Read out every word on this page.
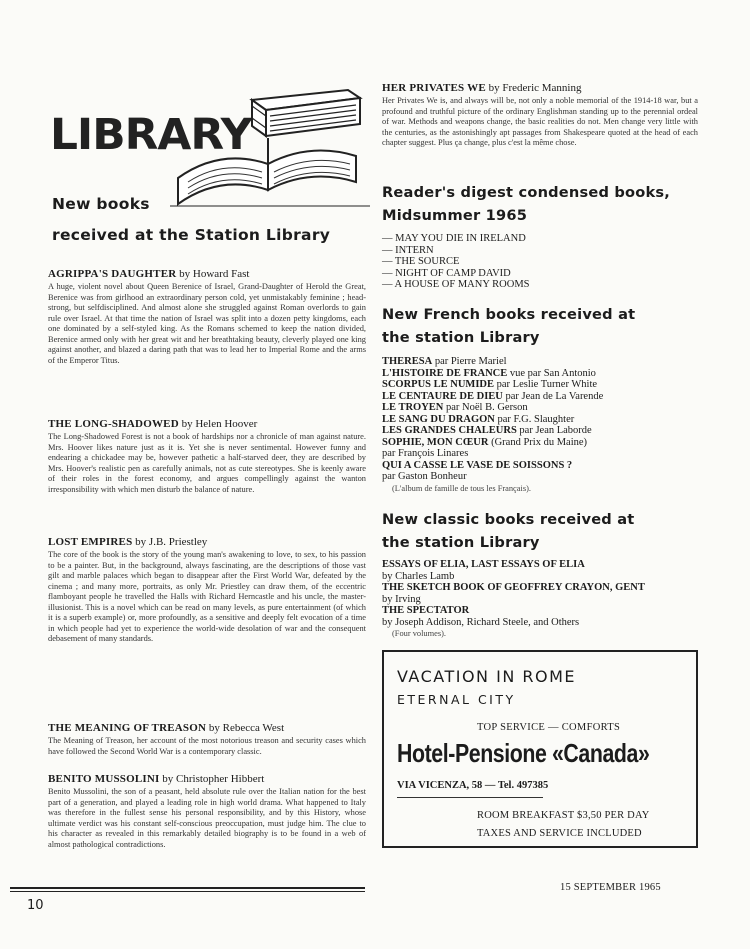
LIBRARY
New books
received at the Station Library

AGRIPPA'S DAUGHTER by Howard Fast

A huge, violent novel about Queen Berenice of Israel, Grand-Daughter of Herold the Great, Berenice was from girlhood an extraordinary person cold, yet unmistakably feminine ; head-strong, but selfdisciplined. And almost alone she struggled against Roman overlords to gain rule over Israel. At that time the nation of Israel was split into a dozen petty kingdoms, each one dominated by a self-styled king. As the Romans schemed to keep the nation divided, Berenice armed only with her great wit and her breathtaking beauty, cleverly played one king against another, and blazed a daring path that was to lead her to Imperial Rome and the arms of the Emperor Titus.

THE LONG-SHADOWED by Helen Hoover

The Long-Shadowed Forest is not a book of hardships nor a chronicle of man against nature. Mrs. Hoover likes nature just as it is. Yet she is never sentimental. However funny and endearing a chickadee may be, however pathetic a half-starved deer, they are described by Mrs. Hoover's realistic pen as carefully animals, not as cute stereotypes. She is keenly aware of their roles in the forest economy, and argues compellingly against the wanton irresponsibility with which men disturb the balance of nature.

LOST EMPIRES by J.B. Priestley

The core of the book is the story of the young man's awakening to love, to sex, to his passion to be a painter. But, in the background, always fascinating, are the descriptions of those vast gilt and marble palaces which began to disappear after the First World War, defeated by the cinema ; and many more, portraits, as only Mr. Priestley can draw them, of the eccentric flamboyant people he travelled the Halls with Richard Herncastle and his uncle, the master-illusionist. This is a novel which can be read on many levels, as pure entertainment (of which it is a superb example) or, more profoundly, as a sensitive and deeply felt evocation of a time in which people had yet to experience the world-wide desolation of war and the consequent debasement of many standards.

THE MEANING OF TREASON by Rebecca West

The Meaning of Treason, her account of the most notorious treason and security cases which have followed the Second World War is a contemporary classic.

BENITO MUSSOLINI by Christopher Hibbert

Benito Mussolini, the son of a peasant, held absolute rule over the Italian nation for the best part of a generation, and played a leading role in high world drama. What happened to Italy was therefore in the fullest sense his personal responsibility, and by this History, whose ultimate verdict was his constant self-conscious preoccupation, must judge him. The clue to his character as revealed in this remarkably detailed biography is to be found in a web of almost pathological contradictions.

HER PRIVATES WE by Frederic Manning

Her Privates We is, and always will be, not only a noble memorial of the 1914-18 war, but a profound and truthful picture of the ordinary Englishman standing up to the perennial ordeal of war. Methods and weapons change, the basic realities do not. Men change very little with the centuries, as the astonishingly apt passages from Shakespeare quoted at the head of each chapter suggest. Plus ça change, plus c'est la même chose.

Reader's digest condensed books,
Midsummer 1965
— MAY YOU DIE IN IRELAND
— INTERN
— THE SOURCE
— NIGHT OF CAMP DAVID
— A HOUSE OF MANY ROOMS
New French books received at
the station Library
THERESA par Pierre Mariel
L'HISTOIRE DE FRANCE vue par San Antonio
SCORPUS LE NUMIDE par Leslie Turner White
LE CENTAURE DE DIEU par Jean de La Varende
LE TROYEN par Noël B. Gerson
LE SANG DU DRAGON par F.G. Slaughter
LES GRANDES CHALEURS par Jean Laborde
SOPHIE, MON CŒUR (Grand Prix du Maine)
par François Linares
QUI A CASSE LE VASE DE SOISSONS ?
par Gaston Bonheur
(L'album de famille de tous les Français).
New classic books received at
the station Library
ESSAYS OF ELIA, LAST ESSAYS OF ELIA
by Charles Lamb
THE SKETCH BOOK OF GEOFFREY CRAYON, GENT
by Irving
THE SPECTATOR
by Joseph Addison, Richard Steele, and Others
(Four volumes).
VACATION IN ROME
ETERNAL CITY
TOP SERVICE — COMFORTS
Hotel-Pensione «Canada»
VIA VICENZA, 58 — Tel. 497385
ROOM BREAKFAST $3,50 PER DAY
TAXES AND SERVICE INCLUDED
10
15 SEPTEMBER 1965
